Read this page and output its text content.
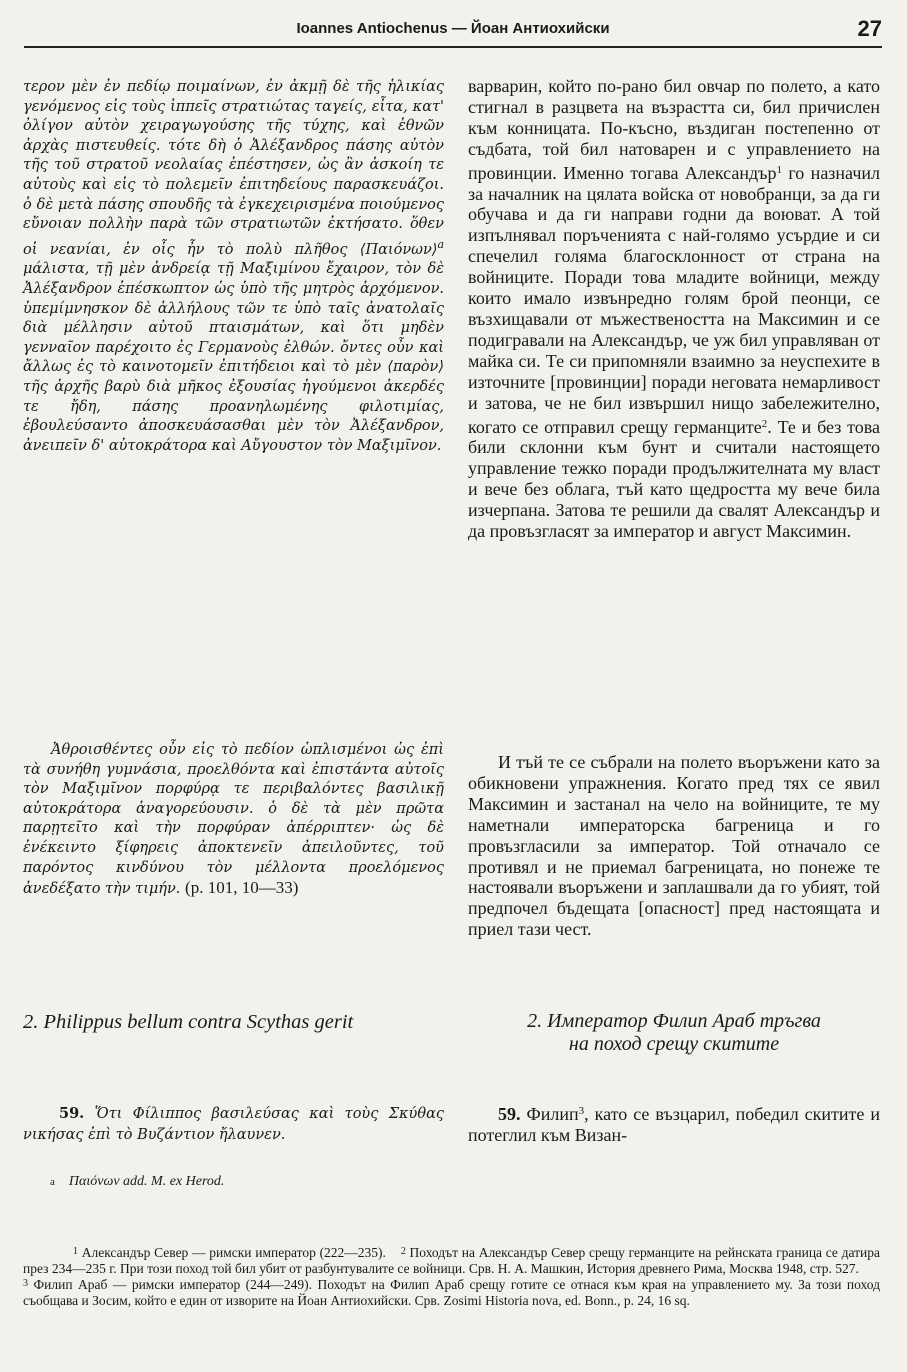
Ioannes Antiochenus — Йоан Антиохийски	27

τερον μὲν ἐν πεδίῳ ποιμαίνων, ἐν ἀκμῇ δὲ τῆς ἡλικίας γενόμενος εἰς τοὺς ἱππεῖς στρατιώτας ταγείς, εἶτα, κατ' ὀλίγον αὐτὸν χειραγωγούσης τῆς τύχης, καὶ ἐθνῶν ἀρχὰς πιστευθείς. τότε δὴ ὁ Ἀλέξανδρος πάσης αὐτὸν τῆς τοῦ στρατοῦ νεολαίας ἐπέστησεν, ὡς ἂν ἀσκοίη τε αὐτοὺς καὶ εἰς τὸ πολεμεῖν ἐπιτηδείους παρασκευάζοι. ὁ δὲ μετὰ πάσης σπουδῆς τὰ ἐγκεχειρισμένα ποιούμενος εὔνοιαν πολλὴν παρὰ τῶν στρατιωτῶν ἐκτήσατο. ὅθεν οἱ νεανίαι, ἐν οἷς ἦν τὸ πολὺ πλῆθος ⟨Παιόνων⟩$^a$ μάλιστα, τῇ μὲν ἀνδρείᾳ τῇ Μαξιμίνου ἔχαιρον, τὸν δὲ Ἀλέξανδρον ἐπέσκωπτον ὡς ὑπὸ τῆς μητρὸς ἀρχόμενον. ὑπεμίμνησκον δὲ ἀλλήλους τῶν τε ὑπὸ ταῖς ἀνατολαῖς διὰ μέλλησιν αὐτοῦ πταισμάτων, καὶ ὅτι μηδὲν γενναῖον παρέχοιτο ἐς Γερμανοὺς ἐλθών. ὄντες οὖν καὶ ἄλλως ἐς τὸ καινοτομεῖν ἐπιτήδειοι καὶ τὸ μὲν ⟨παρὸν⟩ τῆς ἀρχῆς βαρὺ διὰ μῆκος ἐξουσίας ἡγούμενοι ἀκερδές τε ἤδη, πάσης προανηλωμένης φιλοτιμίας, ἐβουλεύσαντο ἀποσκευάσασθαι μὲν τὸν Ἀλέξανδρον, ἀνειπεῖν δ' αὐτοκράτορα καὶ Αὔγουστον τὸν Μαξιμῖνον.

Ἀθροισθέντες οὖν εἰς τὸ πεδίον ὡπλισμένοι ὡς ἐπὶ τὰ συνήθη γυμνάσια, προελθόντα καὶ ἐπιστάντα αὐτοῖς τὸν Μαξιμῖνον πορφύρᾳ τε περιβαλόντες βασιλικῇ αὐτοκράτορα ἀναγορεύουσιν. ὁ δὲ τὰ μὲν πρῶτα παρῃτεῖτο καὶ τὴν πορφύραν ἀπέρριπτεν· ὡς δὲ ἐνέκειντο ξίφηρεις ἀποκτενεῖν ἀπειλοῦντες, τοῦ παρόντος κινδύνου τὸν μέλλοντα προελόμενος ἀνεδέξατο τὴν τιμήν. (p. 101, 10—33)

варварин, който по-рано бил овчар по полето, а като стигнал в разцвета на възрастта си, бил причислен към конницата. По-късно, въздиган постепенно от съдбата, той бил натоварен и с управлението на провинции. Именно тогава Александър$^1$ го назначил за началник на цялата войска от новобранци, за да ги обучава и да ги направи годни да воюват. А той изпълнявал поръченията с най-голямо усърдие и си спечелил голяма благосклонност от страна на войниците. Поради това младите войници, между които имало извънредно голям брой пеонци, се възхищавали от мъжествеността на Максимин и се подигравали на Александър, че уж бил управляван от майка си. Те си припомняли взаимно за неуспехите в източните [провинции] поради неговата немарливост и затова, че не бил извършил нищо забележително, когато се отправил срещу германците$^2$. Те и без това били склонни към бунт и считали настоящето управление тежко поради продължителната му власт и вече без облага, тъй като щедростта му вече била изчерпана. Затова те решили да свалят Александър и да провъзгласят за император и август Максимин.

И тъй те се събрали на полето въоръжени като за обикновени упражнения. Когато пред тях се явил Максимин и застанал на чело на войниците, те му наметнали императорска багреница и го провъзгласили за император. Той отначало се противял и не приемал багреницата, но понеже те настоявали въоръжени и заплашвали да го убият, той предпочел бъдещата [опасност] пред настоящата и приел тази чест.

2. Philippus bellum contra Scythas gerit	2. Император Филип Араб тръгва
на поход срещу скитите

59. Ὅτι Φίλιππος βασιλεύσας καὶ τοὺς Σκύθας νικήσας ἐπὶ τὸ Βυζάντιον ἤλαυνεν.

59. Филип$^3$, като се възцарил, победил скитите и потеглил към Визан-

a Παιόνων add. M. ex Herod.

$^1$ Александър Север — римски император (222—235). $^2$ Походът на Александър Север срещу германците на рейнската граница се датира през 234—235 г. При този поход той бил убит от разбунтувалите се войници. Срв. Н. А. Машкин, История древнего Рима, Москва 1948, стр. 527.

$^3$ Филип Араб — римски император (244—249). Походът на Филип Араб срещу готите се отнася към края на управлението му. За този поход съобщава и Зосим, който е един от изворите на Йоан Антиохийски. Срв. Zosimi Historia nova, ed. Bonn., p. 24, 16 sq.
